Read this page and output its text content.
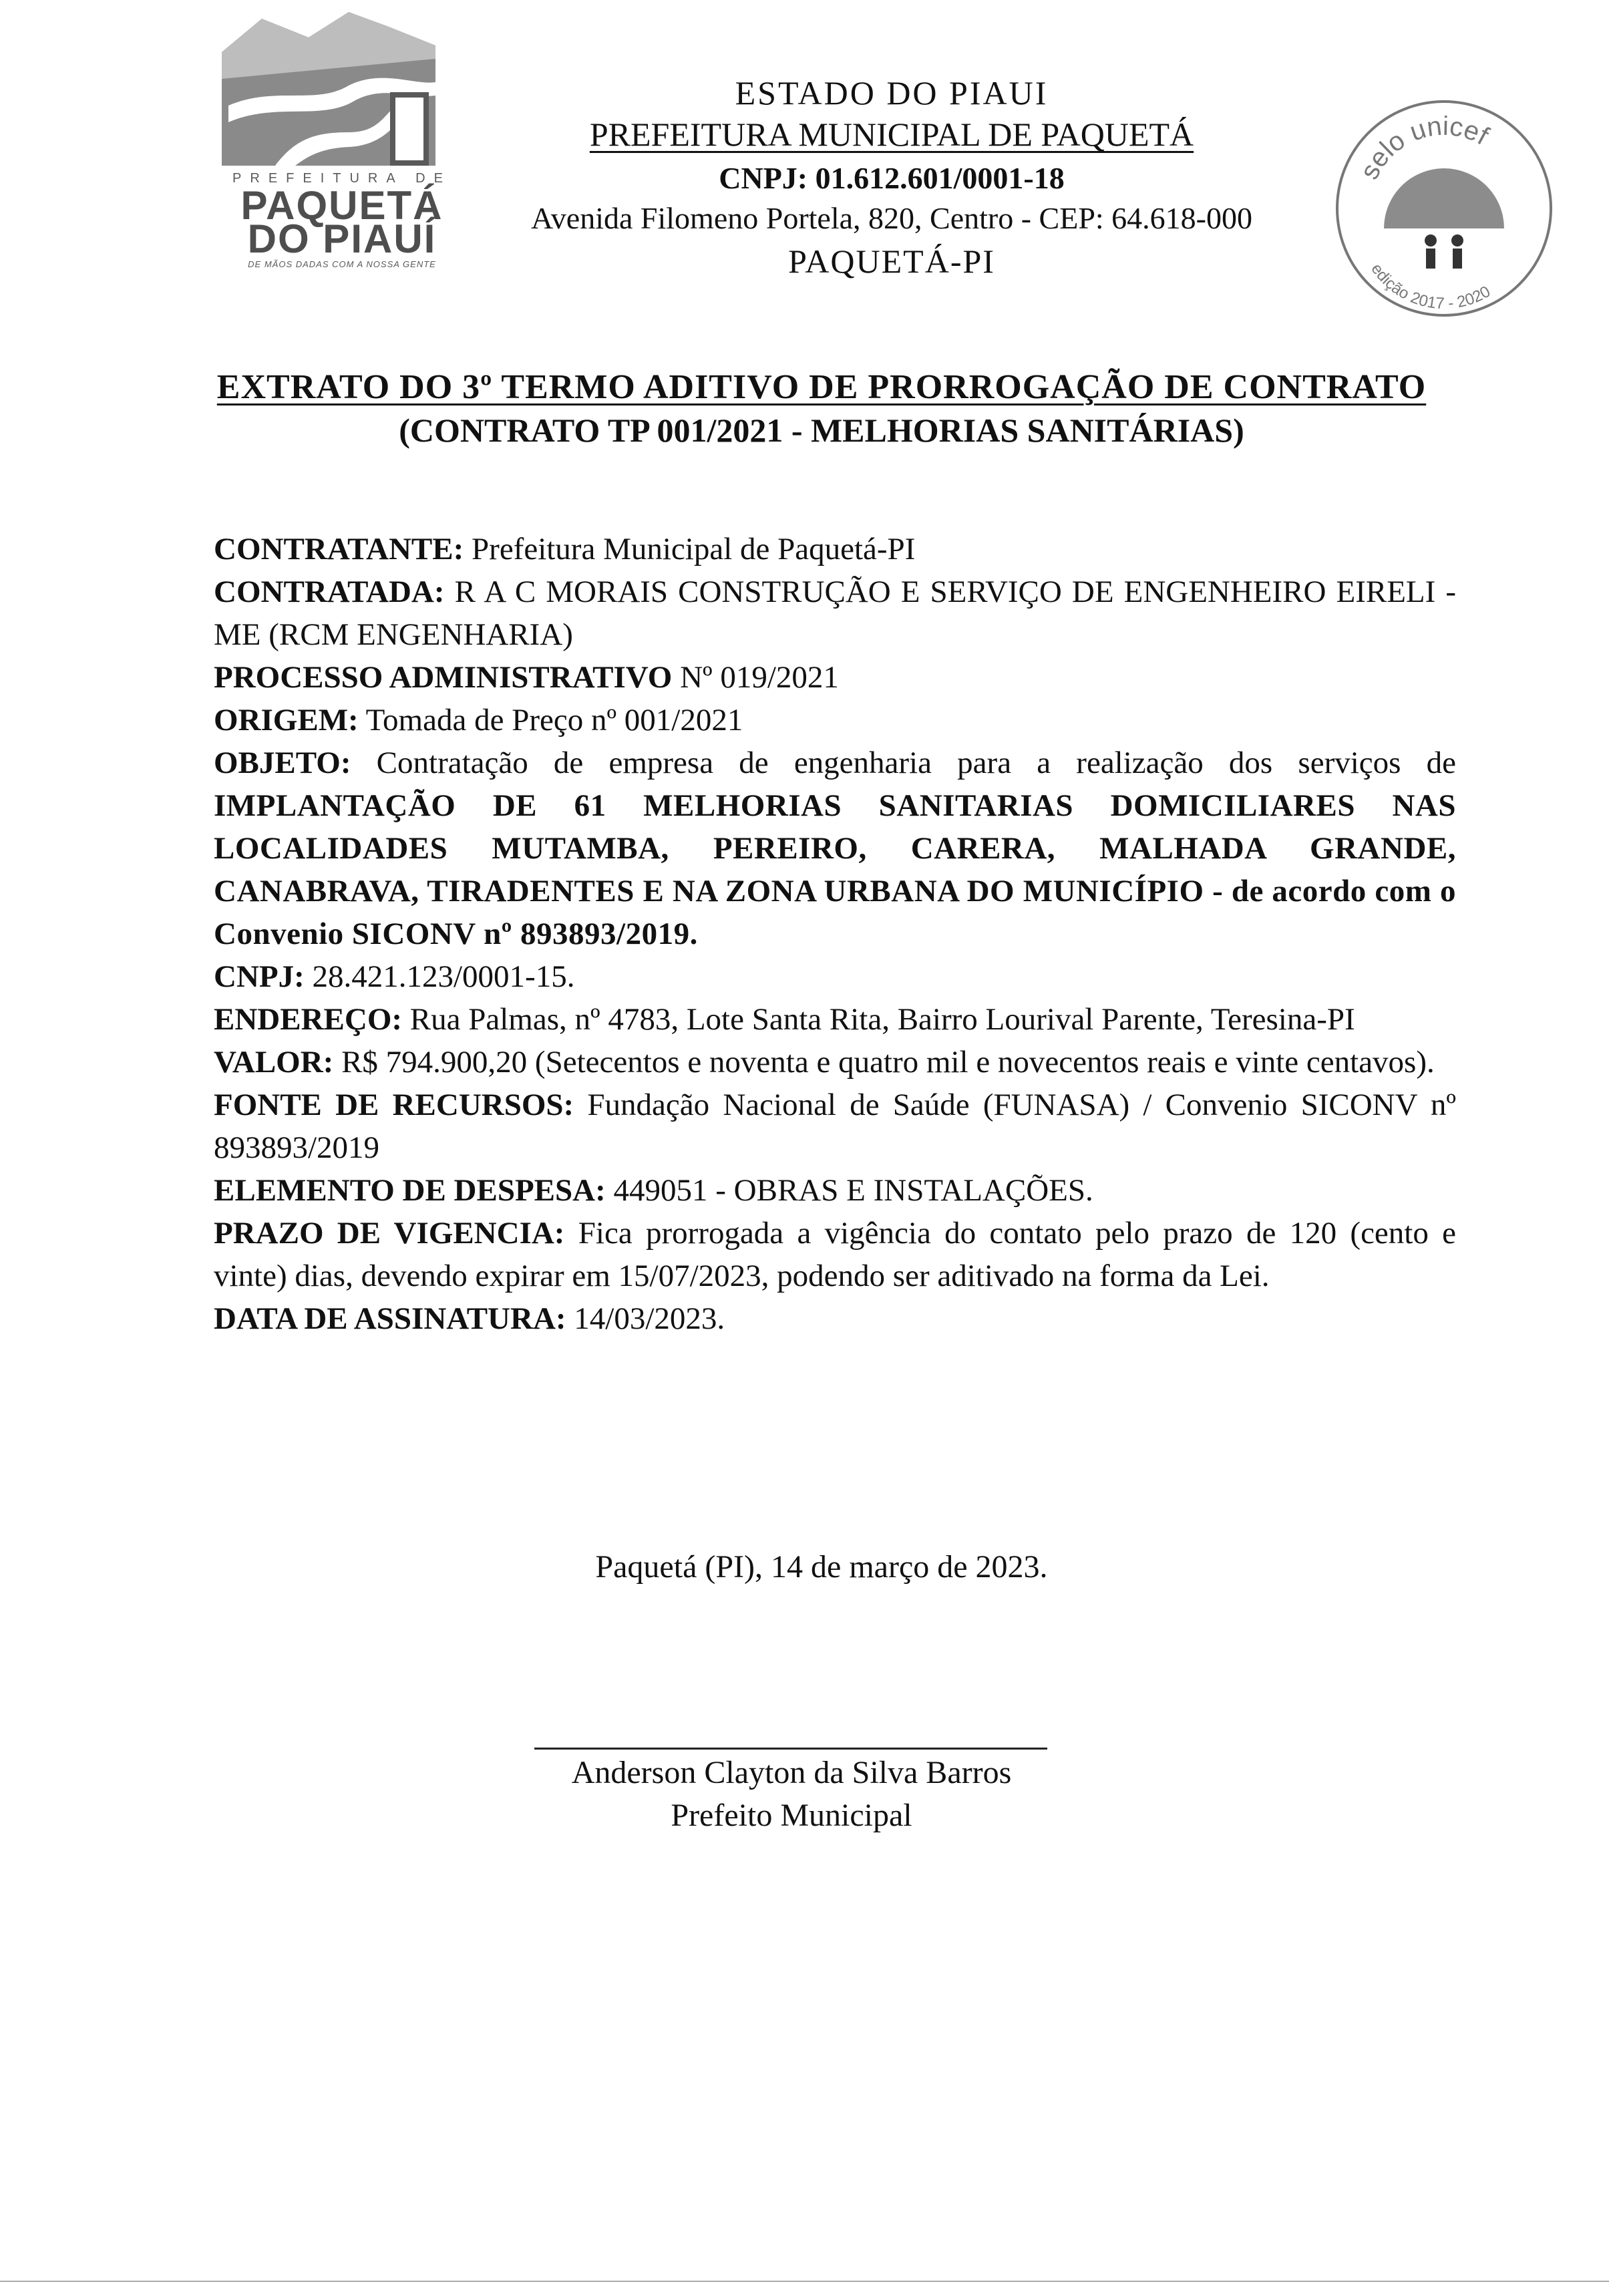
PREFEITURA DE
PAQUETÁ
DO PIAUÍ
DE MÃOS DADAS COM A NOSSA GENTE
ESTADO DO PIAUI
PREFEITURA MUNICIPAL DE PAQUETÁ
CNPJ: 01.612.601/0001-18
Avenida Filomeno Portela, 820, Centro - CEP: 64.618-000
PAQUETÁ-PI
selo unicef
edição 2017 - 2020
EXTRATO DO 3º TERMO ADITIVO DE PRORROGAÇÃO DE CONTRATO
(CONTRATO TP 001/2021 - MELHORIAS SANITÁRIAS)

CONTRATANTE: Prefeitura Municipal de Paquetá-PI

CONTRATADA: R A C MORAIS CONSTRUÇÃO E SERVIÇO DE ENGENHEIRO EIRELI - ME (RCM ENGENHARIA)

PROCESSO ADMINISTRATIVO Nº 019/2021

ORIGEM: Tomada de Preço nº 001/2021

OBJETO: Contratação de empresa de engenharia para a realização dos serviços de IMPLANTAÇÃO DE 61 MELHORIAS SANITARIAS DOMICILIARES NAS LOCALIDADES MUTAMBA, PEREIRO, CARERA, MALHADA GRANDE, CANABRAVA, TIRADENTES E NA ZONA URBANA DO MUNICÍPIO - de acordo com o Convenio SICONV nº 893893/2019.

CNPJ: 28.421.123/0001-15.

ENDEREÇO: Rua Palmas, nº 4783, Lote Santa Rita, Bairro Lourival Parente, Teresina-PI

VALOR: R$ 794.900,20 (Setecentos e noventa e quatro mil e novecentos reais e vinte centavos).

FONTE DE RECURSOS: Fundação Nacional de Saúde (FUNASA) / Convenio SICONV nº 893893/2019

ELEMENTO DE DESPESA: 449051 - OBRAS E INSTALAÇÕES.

PRAZO DE VIGENCIA: Fica prorrogada a vigência do contato pelo prazo de 120 (cento e vinte) dias, devendo expirar em 15/07/2023, podendo ser aditivado na forma da Lei.

DATA DE ASSINATURA: 14/03/2023.

Paquetá (PI), 14 de março de 2023.
Anderson Clayton da Silva Barros
Prefeito Municipal
